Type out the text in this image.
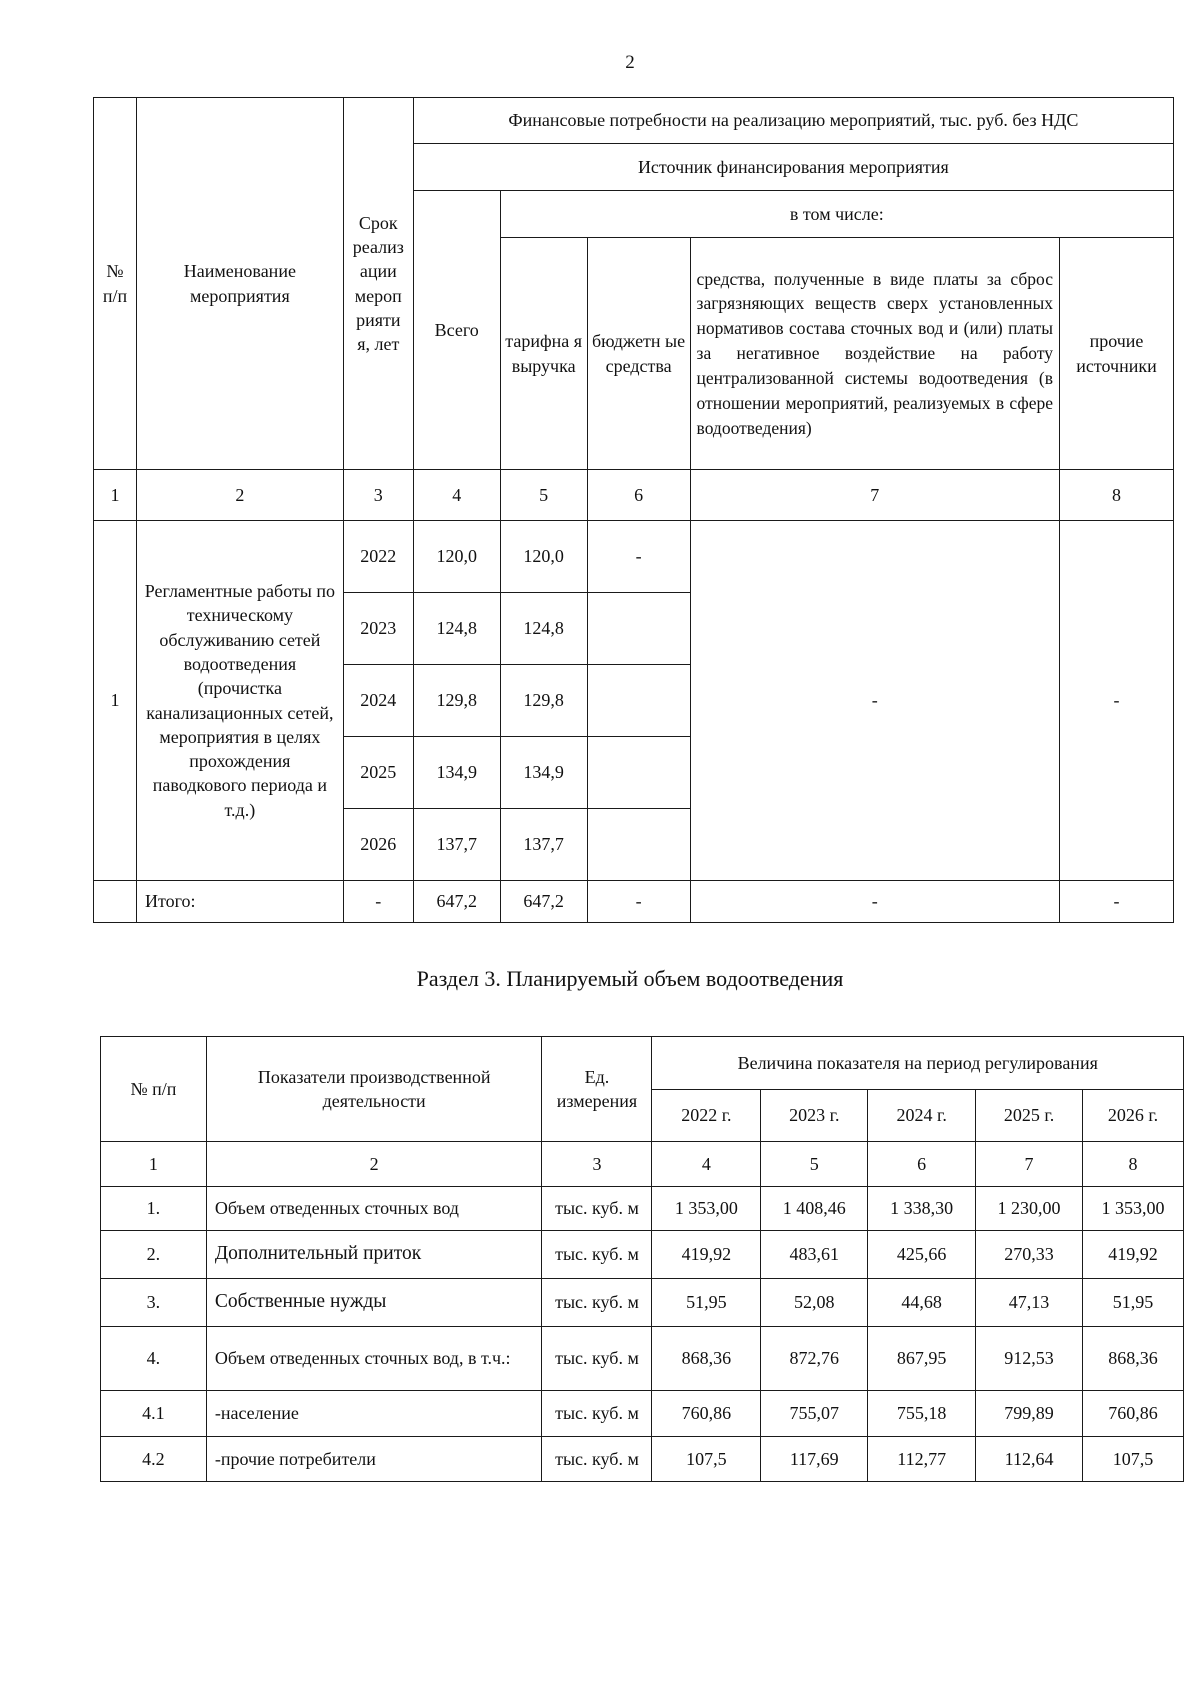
2
№ п/п	Наименование мероприятия	Срок реализ ации мероп рияти я, лет	Финансовые потребности на реализацию мероприятий, тыс. руб. без НДС				
			Источник финансирования мероприятия				
			Всего	в том числе:			
				тарифна я выручка	бюджетн ые средства	средства, полученные в виде платы за сброс загрязняющих веществ сверх установленных нормативов состава сточных вод и (или) платы за негативное воздействие на работу централизованной системы водоотведения (в отношении мероприятий, реализуемых в сфере водоотведения)	прочие источники
1	2	3	4	5	6	7	8
1	Регламентные работы по техническому обслуживанию сетей водоотведения (прочистка канализационных сетей, мероприятия в целях прохождения паводкового периода и т.д.)	2022	120,0	120,0	-	-	-
		2023	124,8	124,8			
		2024	129,8	129,8			
		2025	134,9	134,9			
		2026	137,7	137,7			
	Итого:	-	647,2	647,2	-	-	-
Раздел 3. Планируемый объем водоотведения
№ п/п	Показатели производственной деятельности	Ед. измерения	Величина показателя на период регулирования				
			2022 г.	2023 г.	2024 г.	2025 г.	2026 г.
1	2	3	4	5	6	7	8
1.	Объем отведенных сточных вод	тыс. куб. м	1 353,00	1 408,46	1 338,30	1 230,00	1 353,00
2.	Дополнительный приток	тыс. куб. м	419,92	483,61	425,66	270,33	419,92
3.	Собственные нужды	тыс. куб. м	51,95	52,08	44,68	47,13	51,95
4.	Объем отведенных сточных вод, в т.ч.:	тыс. куб. м	868,36	872,76	867,95	912,53	868,36
4.1	-население	тыс. куб. м	760,86	755,07	755,18	799,89	760,86
4.2	-прочие потребители	тыс. куб. м	107,5	117,69	112,77	112,64	107,5
